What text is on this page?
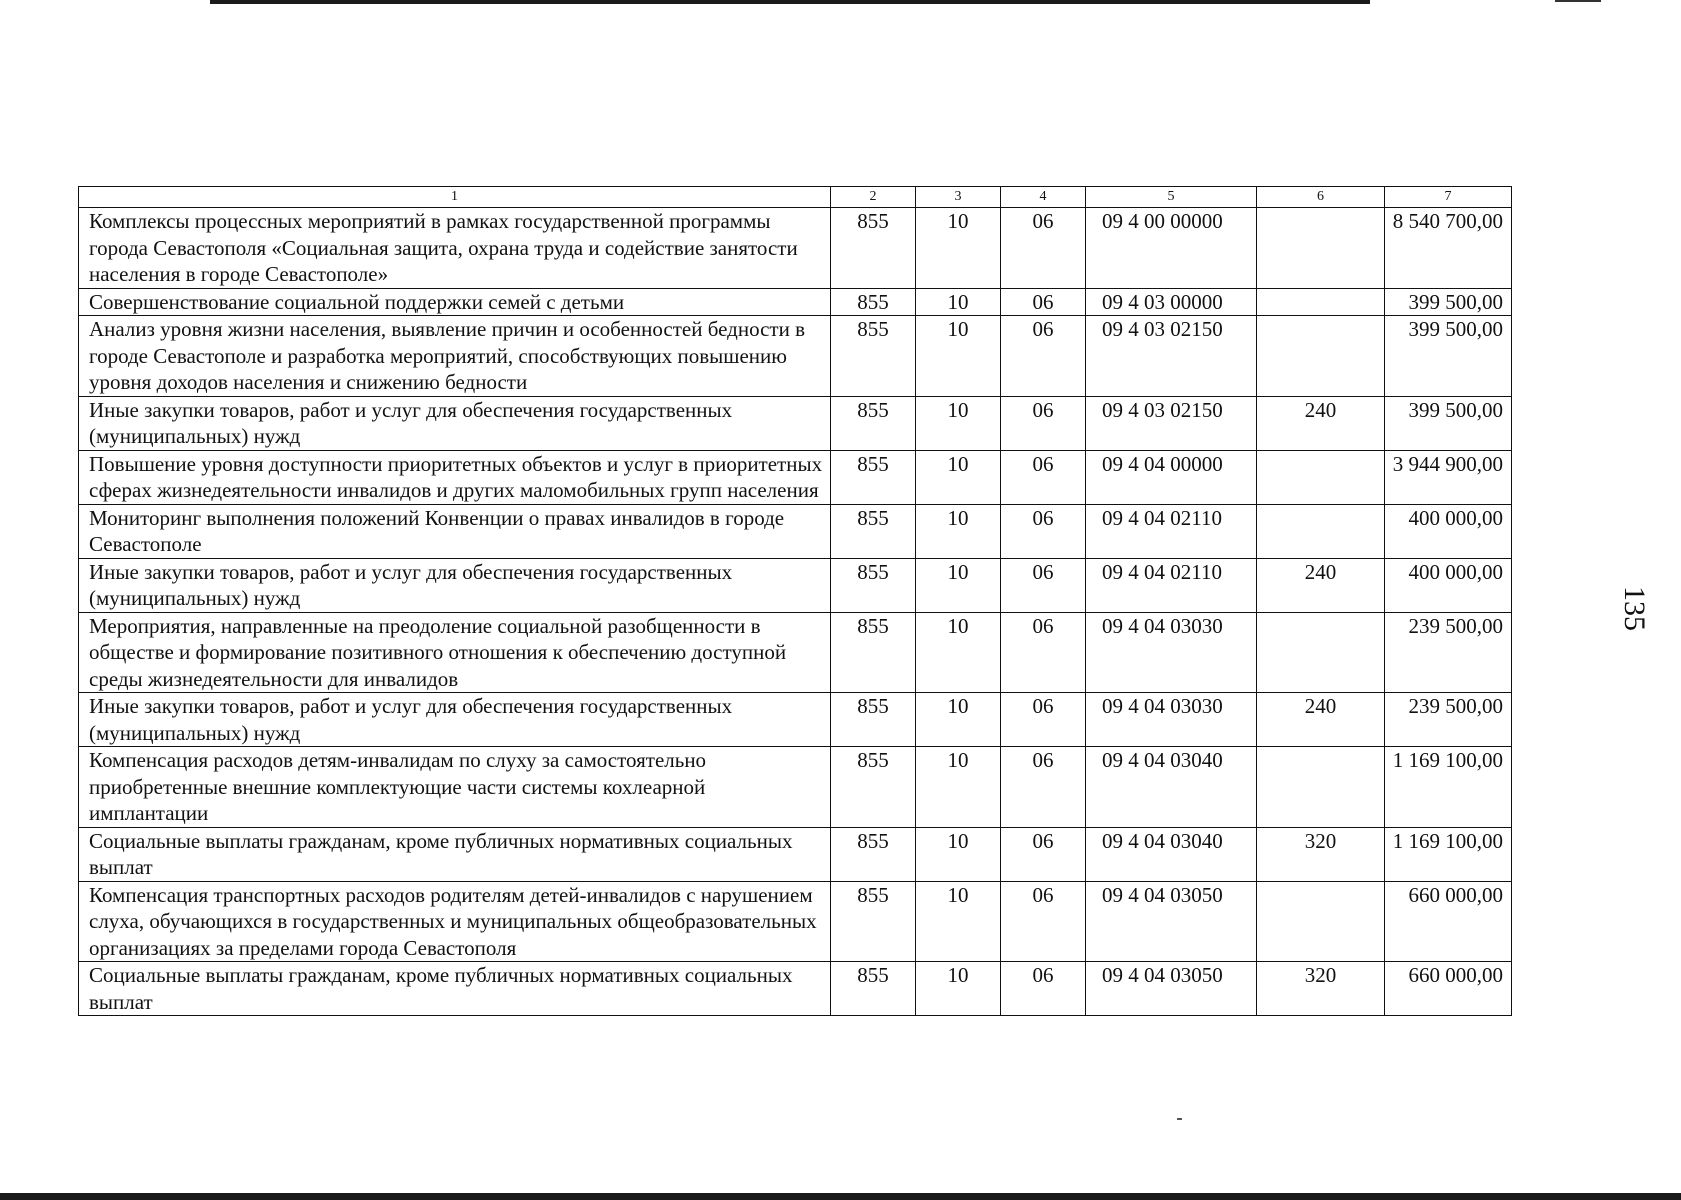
1	2	3	4	5	6	7
Комплексы процессных мероприятий в рамках государственной программы города Севастополя «Социальная защита, охрана труда и содействие занятости населения в городе Севастополе»	855	10	06	09 4 00 00000		8 540 700,00
Совершенствование социальной поддержки семей с детьми	855	10	06	09 4 03 00000		399 500,00
Анализ уровня жизни населения, выявление причин и особенностей бедности в городе Севастополе и разработка мероприятий, способствующих повышению уровня доходов населения и снижению бедности	855	10	06	09 4 03 02150		399 500,00
Иные закупки товаров, работ и услуг для обеспечения государственных (муниципальных) нужд	855	10	06	09 4 03 02150	240	399 500,00
Повышение уровня доступности приоритетных объектов и услуг в приоритетных сферах жизнедеятельности инвалидов и других маломобильных групп населения	855	10	06	09 4 04 00000		3 944 900,00
Мониторинг выполнения положений Конвенции о правах инвалидов в городе Севастополе	855	10	06	09 4 04 02110		400 000,00
Иные закупки товаров, работ и услуг для обеспечения государственных (муниципальных) нужд	855	10	06	09 4 04 02110	240	400 000,00
Мероприятия, направленные на преодоление социальной разобщенности в обществе и формирование позитивного отношения к обеспечению доступной среды жизнедеятельности для инвалидов	855	10	06	09 4 04 03030		239 500,00
Иные закупки товаров, работ и услуг для обеспечения государственных (муниципальных) нужд	855	10	06	09 4 04 03030	240	239 500,00
Компенсация расходов детям-инвалидам по слуху за самостоятельно приобретенные внешние комплектующие части системы кохлеарной имплантации	855	10	06	09 4 04 03040		1 169 100,00
Социальные выплаты гражданам, кроме публичных нормативных социальных выплат	855	10	06	09 4 04 03040	320	1 169 100,00
Компенсация транспортных расходов родителям детей-инвалидов с нарушением слуха, обучающихся в государственных и муниципальных общеобразовательных организациях за пределами города Севастополя	855	10	06	09 4 04 03050		660 000,00
Социальные выплаты гражданам, кроме публичных нормативных социальных выплат	855	10	06	09 4 04 03050	320	660 000,00
135
